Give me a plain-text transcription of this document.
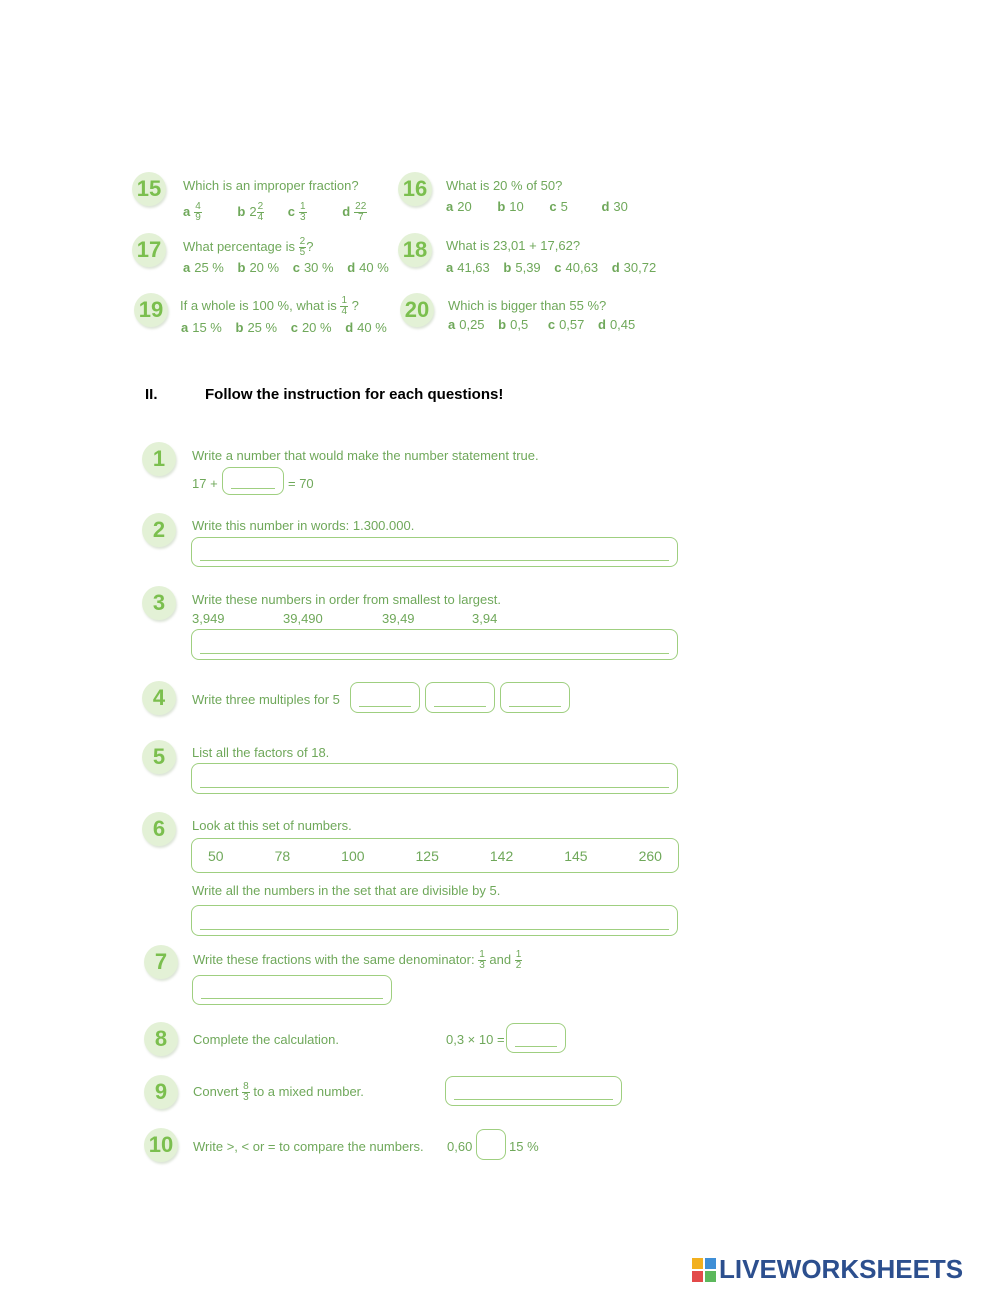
15	Which is an improper fraction?
a $\frac{4}{9}$	b $2 \frac{2}{4}$ c $\frac{1}{3}$	d $\frac{22}{7}$
16	What is 20 % of 50?
a 20 b 10 c 5	d 30
17	What percentage is $\frac{2}{5}$ ?
a 25 % b 20 % c 30 % d 40 %
18	What is 23,01 + 17,62?
a 41,63 b 5,39 c 40,63 d 30,72
19	If a whole is 100 %, what is $\frac{1}{4}$ ?
a 15 % b 25 % c 20 % d 40 %
20	Which is bigger than 55 %?
a 0,25 b 0,5 c 0,57 d 0,45
II.	Follow the instruction for each questions!
1	Write a number that would make the number statement true.
17 +	= 70
2	Write this number in words: 1.300.000.
3	Write these numbers in order from smallest to largest.
3,949	39,490	39,49	3,94
4	Write three multiples for 5
5	List all the factors of 18.
6	Look at this set of numbers.
50	78	100	125	142	145	260
Write all the numbers in the set that are divisible by 5.
7	Write these fractions with the same denominator: $\frac{1}{3}$ and $\frac{1}{2}$
8	Complete the calculation.	0,3 × 10 =
9	Convert $\frac{8}{3}$ to a mixed number.
10	Write >, < or = to compare the numbers. 0,60	15 %
LIVEWORKSHEETS
